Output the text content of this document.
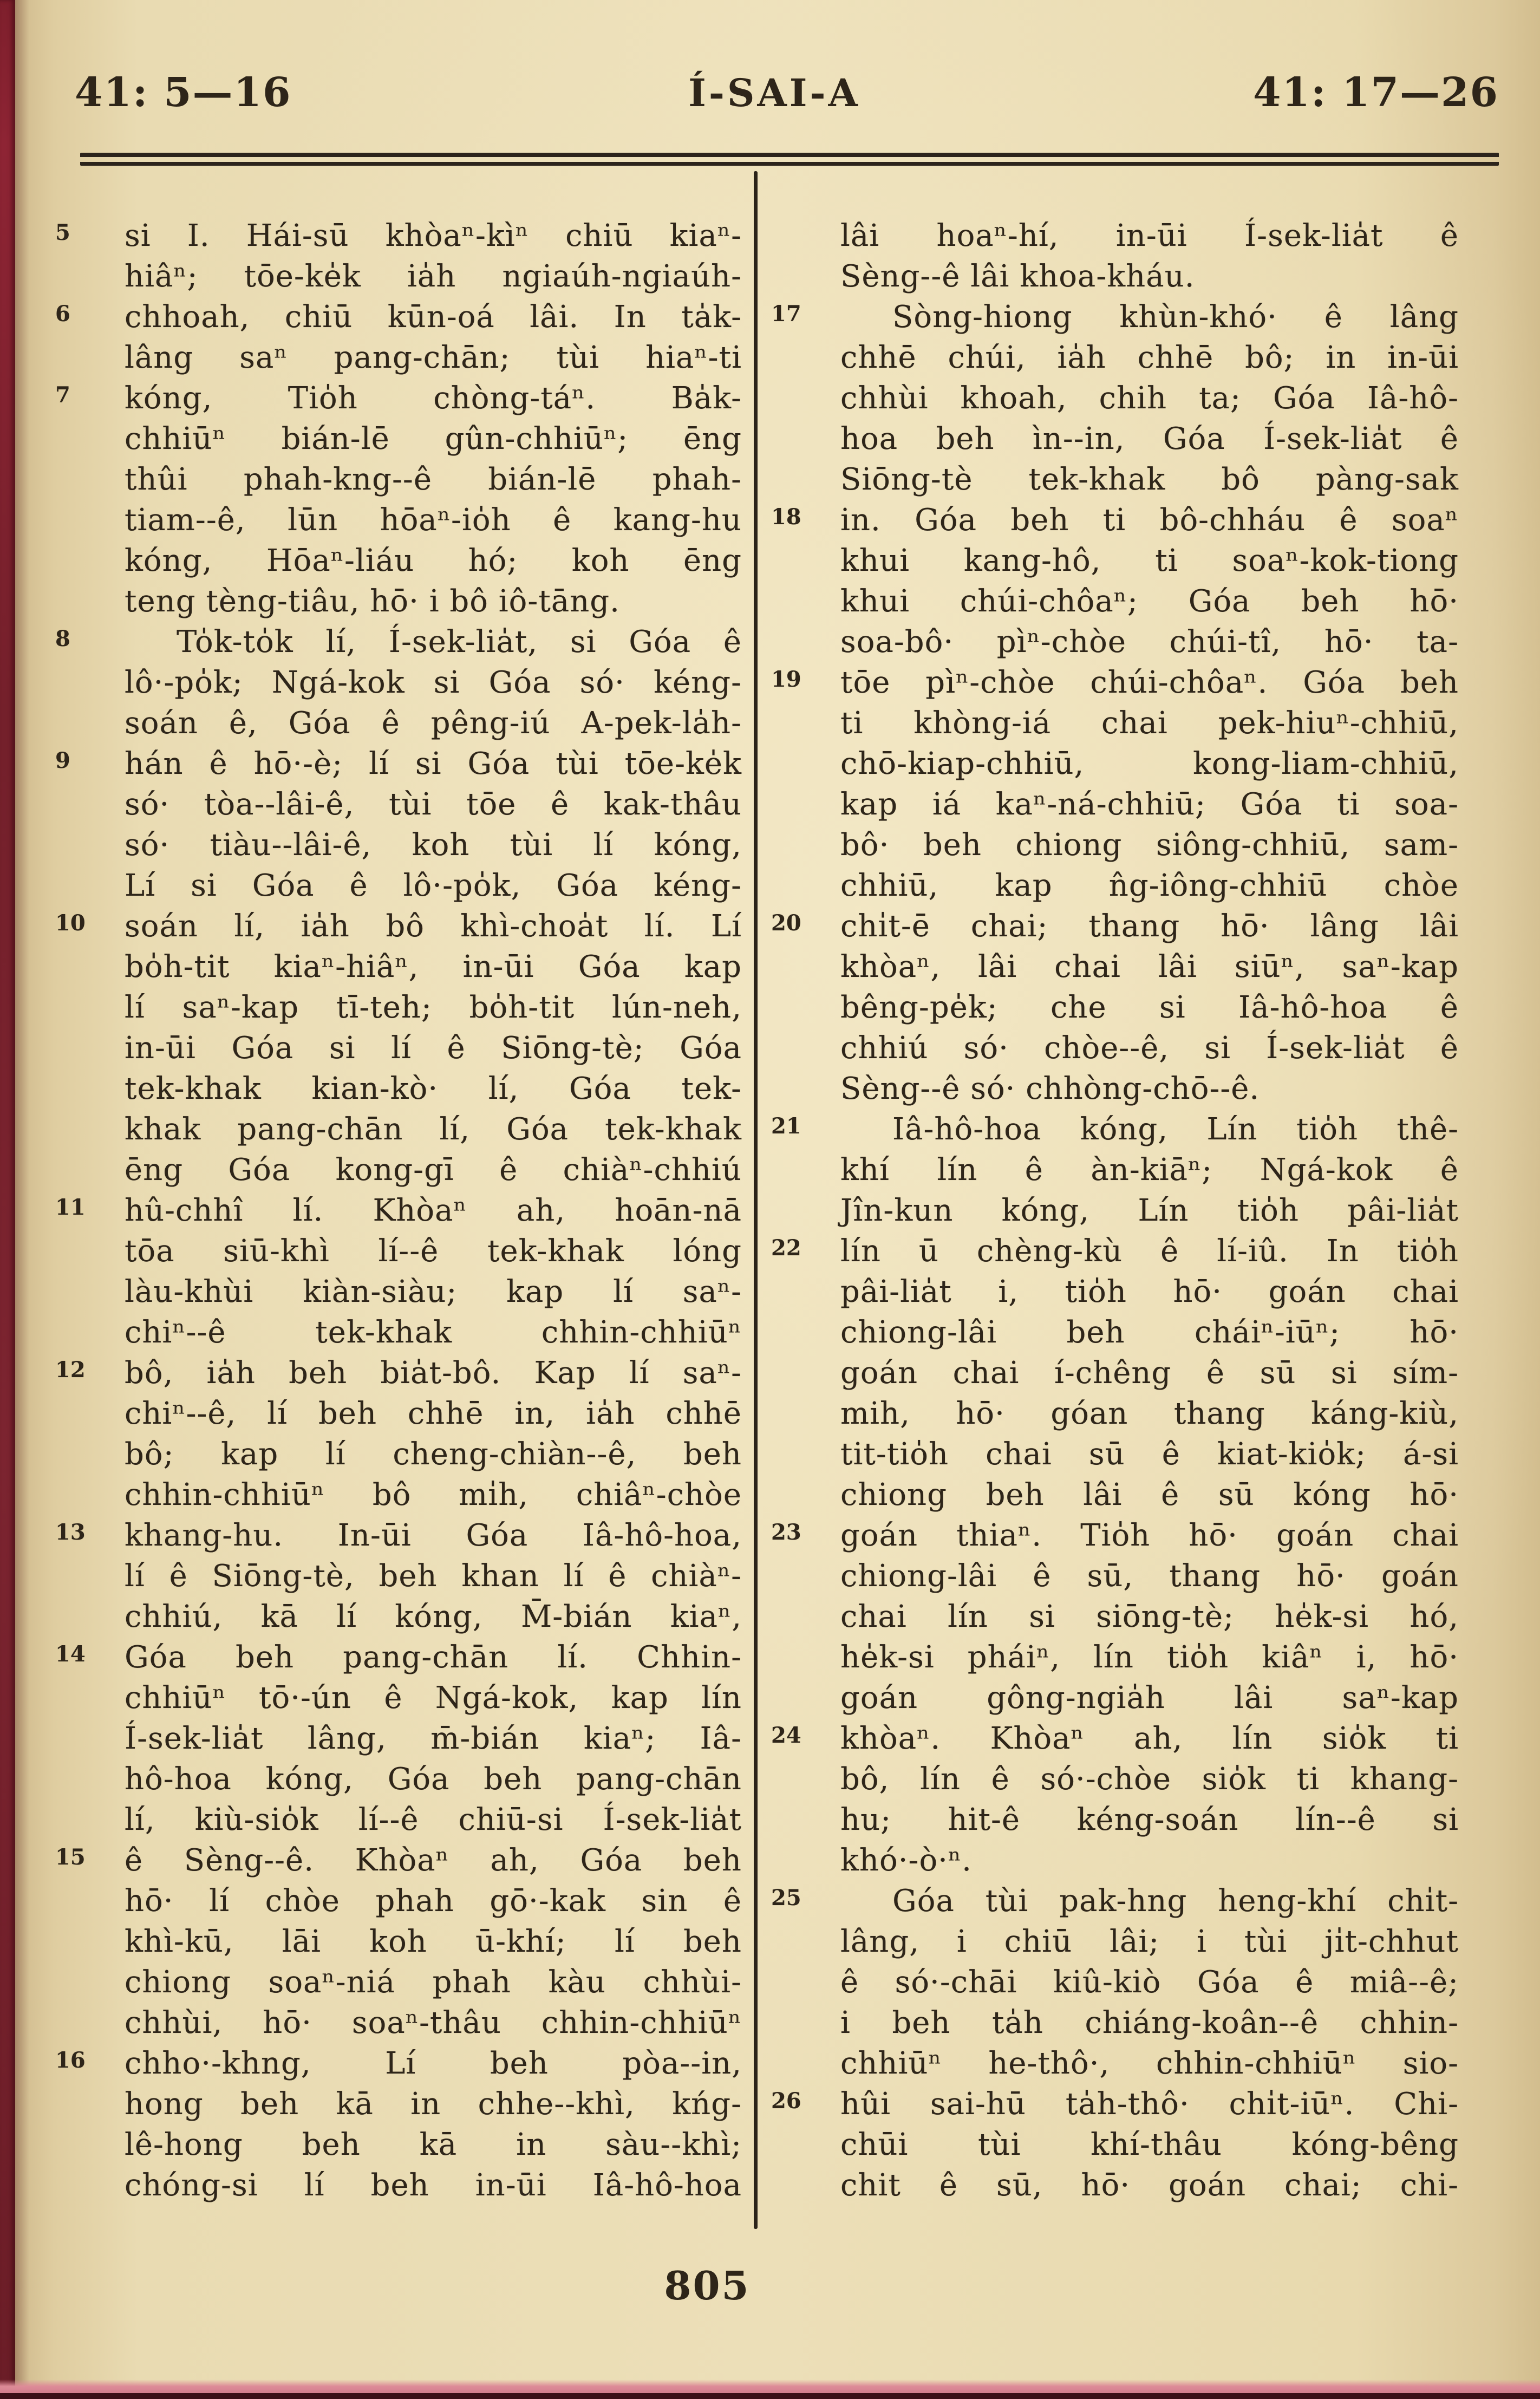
41: 5—16	Í-SAI-A	41: 17—26
5	si I. Hái-sū khòaⁿ-kìⁿ chiū kiaⁿ-
hiâⁿ; tōe-ke̍k ia̍h ngiaúh-ngiaúh-
6	chhoah, chiū kūn-oá lâi. In ta̍k-
lâng saⁿ pang-chān; tùi hiaⁿ-ti
7	kóng, Tio̍h chòng-táⁿ. Ba̍k-
chhiūⁿ bián-lē gûn-chhiūⁿ; ēng
thûi phah-kng--ê bián-lē phah-
tiam--ê, lūn hōaⁿ-io̍h ê kang-hu
kóng, Hōaⁿ-liáu hó; koh ēng
teng tèng-tiâu, hō· i bô iô-tāng.
8	To̍k-to̍k lí, Í-sek-lia̍t, si Góa ê
lô·-po̍k; Ngá-kok si Góa só· kéng-
soán ê, Góa ê pêng-iú A-pek-la̍h-
9	hán ê hō·-è; lí si Góa tùi tōe-ke̍k
só· tòa--lâi-ê, tùi tōe ê kak-thâu
só· tiàu--lâi-ê, koh tùi lí kóng,
Lí si Góa ê lô·-po̍k, Góa kéng-
10	soán lí, ia̍h bô khì-choa̍t lí. Lí
bo̍h-tit kiaⁿ-hiâⁿ, in-ūi Góa kap
lí saⁿ-kap tī-teh; bo̍h-tit lún-neh,
in-ūi Góa si lí ê Siōng-tè; Góa
tek-khak kian-kò· lí, Góa tek-
khak pang-chān lí, Góa tek-khak
ēng Góa kong-gī ê chiàⁿ-chhiú
11	hû-chhî lí. Khòaⁿ ah, hoān-nā
tōa siū-khì lí--ê tek-khak lóng
làu-khùi kiàn-siàu; kap lí saⁿ-
chiⁿ--ê tek-khak chhin-chhiūⁿ
12	bô, ia̍h beh bia̍t-bô. Kap lí saⁿ-
chiⁿ--ê, lí beh chhē in, ia̍h chhē
bô; kap lí cheng-chiàn--ê, beh
chhin-chhiūⁿ bô mi̍h, chiâⁿ-chòe
13	khang-hu. In-ūi Góa Iâ-hô-hoa,
lí ê Siōng-tè, beh khan lí ê chiàⁿ-
chhiú, kā lí kóng, M̄-bián kiaⁿ,
14	Góa beh pang-chān lí. Chhin-
chhiūⁿ tō·-ún ê Ngá-kok, kap lín
Í-sek-lia̍t lâng, m̄-bián kiaⁿ; Iâ-
hô-hoa kóng, Góa beh pang-chān
lí, kiù-sio̍k lí--ê chiū-si Í-sek-lia̍t
15	ê Sèng--ê. Khòaⁿ ah, Góa beh
hō· lí chòe phah gō·-kak sin ê
khì-kū, lāi koh ū-khí; lí beh
chiong soaⁿ-niá phah kàu chhùi-
chhùi, hō· soaⁿ-thâu chhin-chhiūⁿ
16	chho·-khng, Lí beh pòa--in,
hong beh kā in chhe--khì, kńg-
lê-hong beh kā in sàu--khì;
chóng-si lí beh in-ūi Iâ-hô-hoa
lâi hoaⁿ-hí, in-ūi Í-sek-lia̍t ê
Sèng--ê lâi khoa-kháu.
17	Sòng-hiong khùn-khó· ê lâng
chhē chúi, ia̍h chhē bô; in in-ūi
chhùi khoah, chih ta; Góa Iâ-hô-
hoa beh ìn--in, Góa Í-sek-lia̍t ê
Siōng-tè tek-khak bô pàng-sak
18	in. Góa beh ti bô-chháu ê soaⁿ
khui kang-hô, ti soaⁿ-kok-tiong
khui chúi-chôaⁿ; Góa beh hō·
soa-bô· pìⁿ-chòe chúi-tî, hō· ta-
19	tōe pìⁿ-chòe chúi-chôaⁿ. Góa beh
ti khòng-iá chai pek-hiuⁿ-chhiū,
chō-kiap-chhiū, kong-liam-chhiū,
kap iá kaⁿ-ná-chhiū; Góa ti soa-
bô· beh chiong siông-chhiū, sam-
chhiū, kap n̂g-iông-chhiū chòe
20	chi̍t-ē chai; thang hō· lâng lâi
khòaⁿ, lâi chai lâi siūⁿ, saⁿ-kap
bêng-pe̍k; che si Iâ-hô-hoa ê
chhiú só· chòe--ê, si Í-sek-lia̍t ê
Sèng--ê só· chhòng-chō--ê.
21	Iâ-hô-hoa kóng, Lín tio̍h thê-
khí lín ê àn-kiāⁿ; Ngá-kok ê
Jîn-kun kóng, Lín tio̍h pâi-lia̍t
22	lín ū chèng-kù ê lí-iû. In tio̍h
pâi-lia̍t i, tio̍h hō· goán chai
chiong-lâi beh cháiⁿ-iūⁿ; hō·
goán chai í-chêng ê sū si sím-
mih, hō· góan thang káng-kiù,
tit-tio̍h chai sū ê kiat-kio̍k; á-si
chiong beh lâi ê sū kóng hō·
23	goán thiaⁿ. Tio̍h hō· goán chai
chiong-lâi ê sū, thang hō· goán
chai lín si siōng-tè; he̍k-si hó,
he̍k-si pháiⁿ, lín tio̍h kiâⁿ i, hō·
goán gông-ngia̍h lâi saⁿ-kap
24	khòaⁿ. Khòaⁿ ah, lín sio̍k ti
bô, lín ê só·-chòe sio̍k ti khang-
hu; hit-ê kéng-soán lín--ê si
khó·-ò·ⁿ.
25	Góa tùi pak-hng heng-khí chi̍t-
lâng, i chiū lâi; i tùi ji̍t-chhut
ê só·-chāi kiû-kiò Góa ê miâ--ê;
i beh ta̍h chiáng-koân--ê chhin-
chhiūⁿ he-thô·, chhin-chhiūⁿ sio-
26	hûi sai-hū ta̍h-thô· chi̍t-iūⁿ. Chi-
chūi tùi khí-thâu kóng-bêng
chit ê sū, hō· goán chai; chi-
805
